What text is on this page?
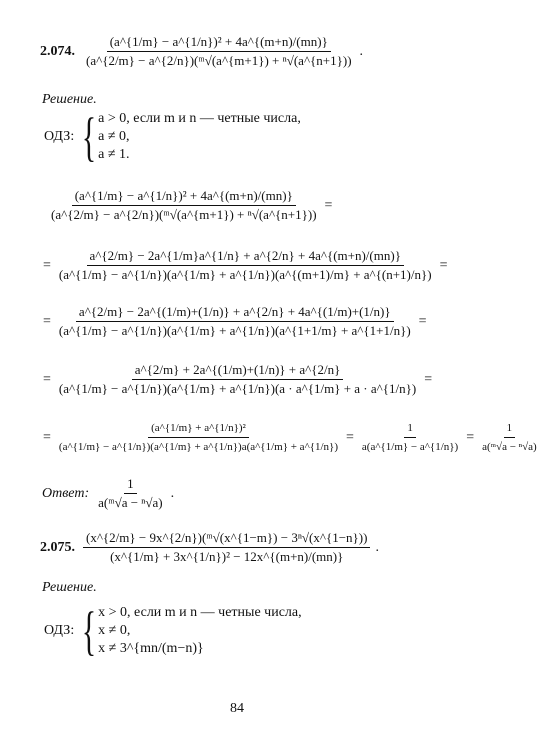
2.074. $\frac{\text{(a\textasciicircum{}\{1/m\} − a\textasciicircum{}\{1/n\})² + 4a\textasciicircum{}\{(m+n)/(mn)\}}}{\text{(a\textasciicircum{}\{2/m\} − a\textasciicircum{}\{2/n\})(ᵐ√(a\textasciicircum{}\{m+1\}) + ⁿ√(a\textasciicircum{}\{n+1\}))}}$ .
Решение.
ОДЗ: { a > 0, если m и n — четные числа,
a ≠ 0,
a ≠ 1.
$\frac{\text{(a\textasciicircum{}\{1/m\} − a\textasciicircum{}\{1/n\})² + 4a\textasciicircum{}\{(m+n)/(mn)\}}}{\text{(a\textasciicircum{}\{2/m\} − a\textasciicircum{}\{2/n\})(ᵐ√(a\textasciicircum{}\{m+1\}) + ⁿ√(a\textasciicircum{}\{n+1\}))}}$ =
=
a^{2/m} − 2a^{1/m}a^{1/n} + a^{2/n} + 4a^{(m+n)/(mn)}
(a^{1/m} − a^{1/n})(a^{1/m} + a^{1/n})(a^{(m+1)/m} + a^{(n+1)/n})
=
=
a^{2/m} − 2a^{(1/m)+(1/n)} + a^{2/n} + 4a^{(1/m)+(1/n)}
(a^{1/m} − a^{1/n})(a^{1/m} + a^{1/n})(a^{1+1/m} + a^{1+1/n})
=
=
a^{2/m} + 2a^{(1/m)+(1/n)} + a^{2/n}
(a^{1/m} − a^{1/n})(a^{1/m} + a^{1/n})(a · a^{1/m} + a · a^{1/n})
=
= $\frac{\text{(a\textasciicircum{}\{1/m\} + a\textasciicircum{}\{1/n\})²}}{(a\^{}\{1/m\} - a\^{}\{1/n\})(a\^{}\{1/m\} + a\^{}\{1/n\})a(a\^{}\{1/m\} + a\^{}\{1/n\})} = \frac{1}{a(a\^{}\{1/m\} - a\^{}\{1/n\})} = \frac{1}{\text{a(ᵐ√a − ⁿ√a)}}$
Ответ: $\frac{1}{\text{a(ᵐ√a − ⁿ√a)}}$ .
2.075. $\frac{\text{(x\textasciicircum{}\{2/m\} − 9x\textasciicircum{}\{2/n\})(ᵐ√(x\textasciicircum{}\{1−m\}) − 3ⁿ√(x\textasciicircum{}\{1−n\}))}}{\text{(x\textasciicircum{}\{1/m\} + 3x\textasciicircum{}\{1/n\})² − 12x\textasciicircum{}\{(m+n)/(mn)\}}}$ .
Решение.
ОДЗ: { x > 0, если m и n — четные числа,
x ≠ 0,
x ≠ 3^{mn/(m−n)}
84
